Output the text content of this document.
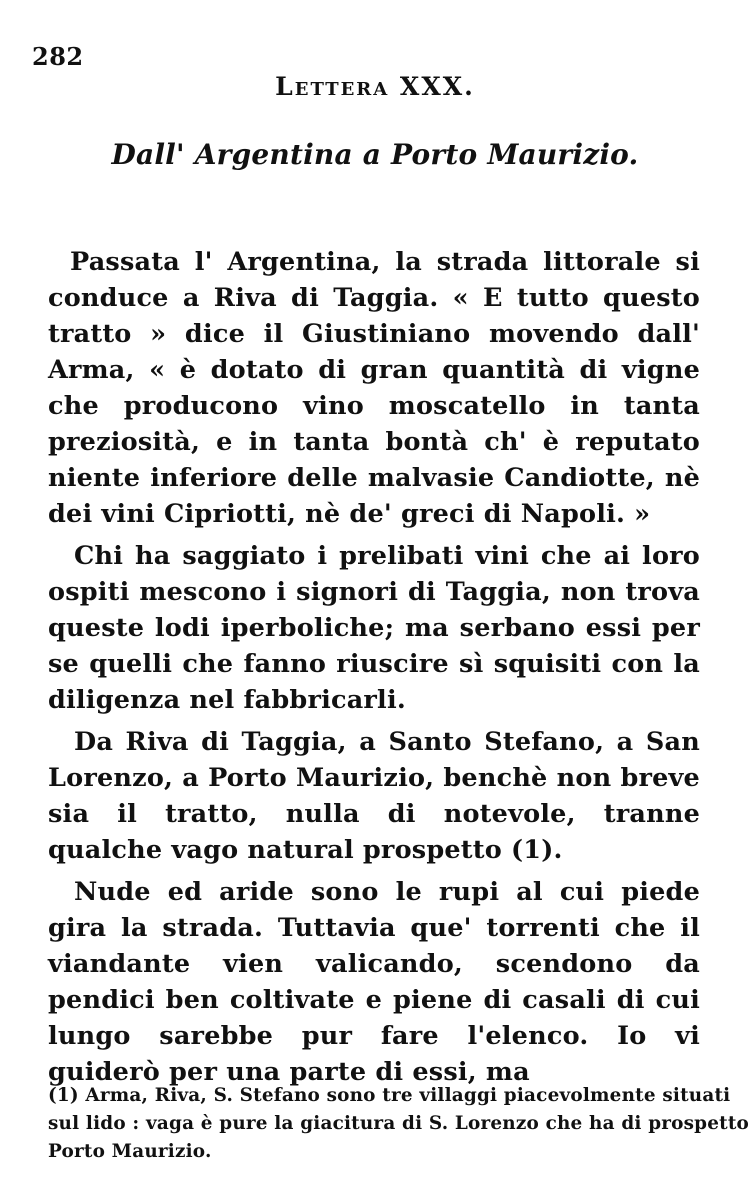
282
Lettera XXX.
Dall' Argentina a Porto Maurizio.

Passata l' Argentina, la strada littorale si conduce a Riva di Taggia. « E tutto questo tratto » dice il Giustiniano movendo dall' Arma, « è dotato di gran quantità di vigne che producono vino moscatello in tanta preziosità, e in tanta bontà ch' è reputato niente inferiore delle malvasie Candiotte, nè dei vini Cipriotti, nè de' greci di Napoli. »

Chi ha saggiato i prelibati vini che ai loro ospiti mescono i signori di Taggia, non trova queste lodi iperboliche; ma serbano essi per se quelli che fanno riuscire sì squisiti con la diligenza nel fabbricarli.

Da Riva di Taggia, a Santo Stefano, a San Lorenzo, a Porto Maurizio, benchè non breve sia il tratto, nulla di notevole, tranne qualche vago natural prospetto (1).

Nude ed aride sono le rupi al cui piede gira la strada. Tuttavia que' torrenti che il viandante vien valicando, scendono da pendici ben coltivate e piene di casali di cui lungo sarebbe pur fare l'elenco. Io vi guiderò per una parte di essi, ma

(1) Arma, Riva, S. Stefano sono tre villaggi piacevolmente situati
sul lido : vaga è pure la giacitura di S. Lorenzo che ha di prospetto
Porto Maurizio.
